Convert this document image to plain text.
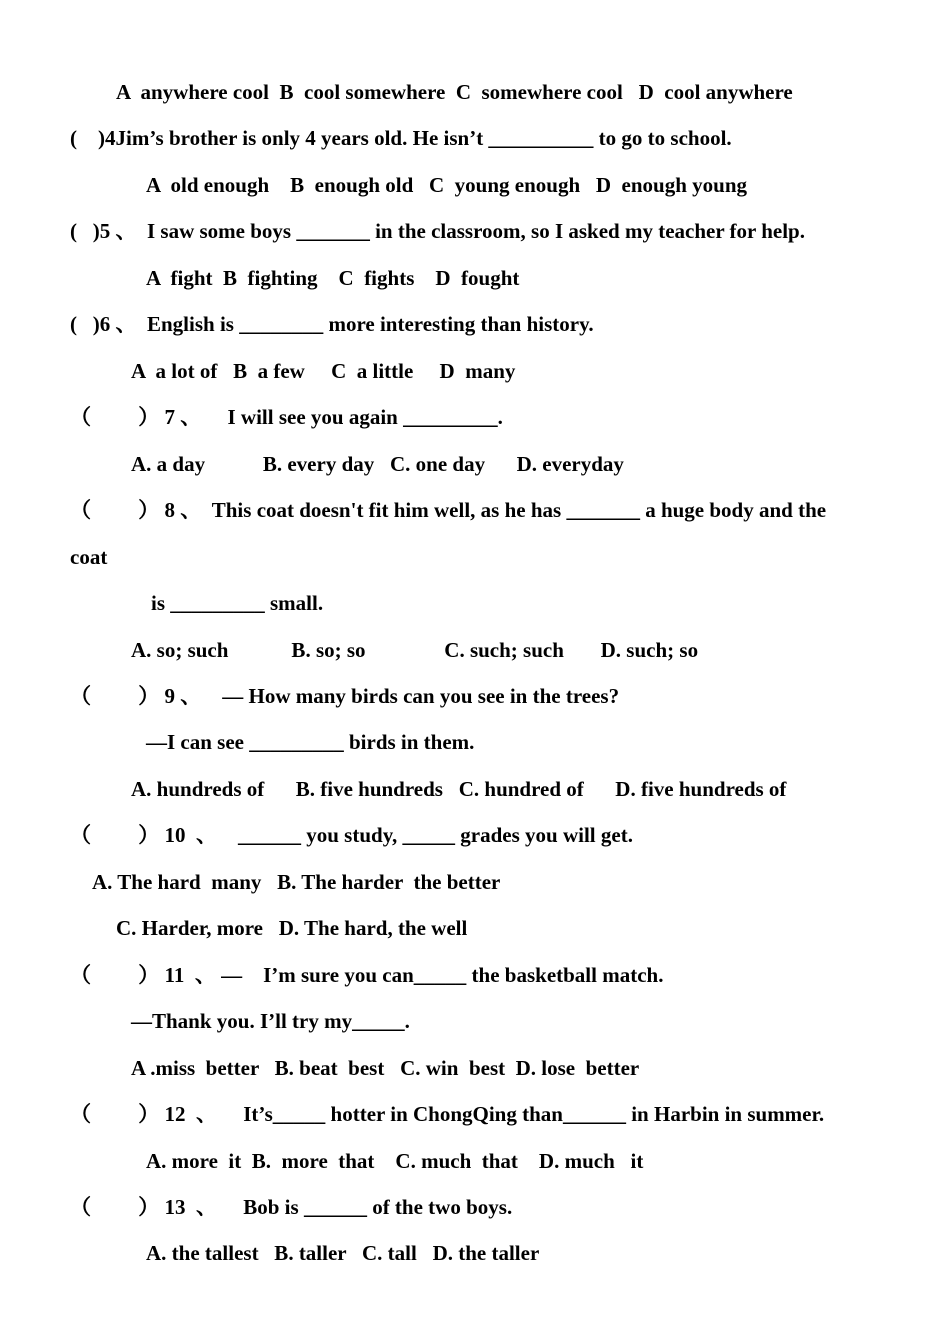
A  anywhere cool  B  cool somewhere  C  somewhere cool   D  cool anywhere
(    )4Jim’s brother is only 4 years old. He isn’t __________ to go to school.
A  old enough    B  enough old   C  young enough   D  enough young
(   )5 、  I saw some boys _______ in the classroom, so I asked my teacher for help.
A  fight  B  fighting    C  fights    D  fought
(   )6 、  English is ________ more interesting than history.
A  a lot of   B  a few     C  a little     D  many
（         ） 7 、     I will see you again _________.
A. a day           B. every day   C. one day      D. everyday
（         ） 8 、  This coat doesn't fit him well, as he has _______ a huge body and the
coat
is _________ small.
A. so; such            B. so; so               C. such; such       D. such; so
（         ） 9 、    — How many birds can you see in the trees?
—I can see _________ birds in them.
A. hundreds of      B. five hundreds   C. hundred of      D. five hundreds of
（         ） 10  、    ______ you study, _____ grades you will get.
A. The hard  many   B. The harder  the better
C. Harder, more   D. The hard, the well
（         ） 11  、 —    I’m sure you can_____ the basketball match.
—Thank you. I’ll try my_____.
A .miss  better   B. beat  best   C. win  best  D. lose  better
（         ） 12  、     It’s_____ hotter in ChongQing than______ in Harbin in summer.
A. more  it  B.  more  that    C. much  that    D. much   it
（         ） 13  、     Bob is ______ of the two boys.
A. the tallest   B. taller   C. tall   D. the taller
